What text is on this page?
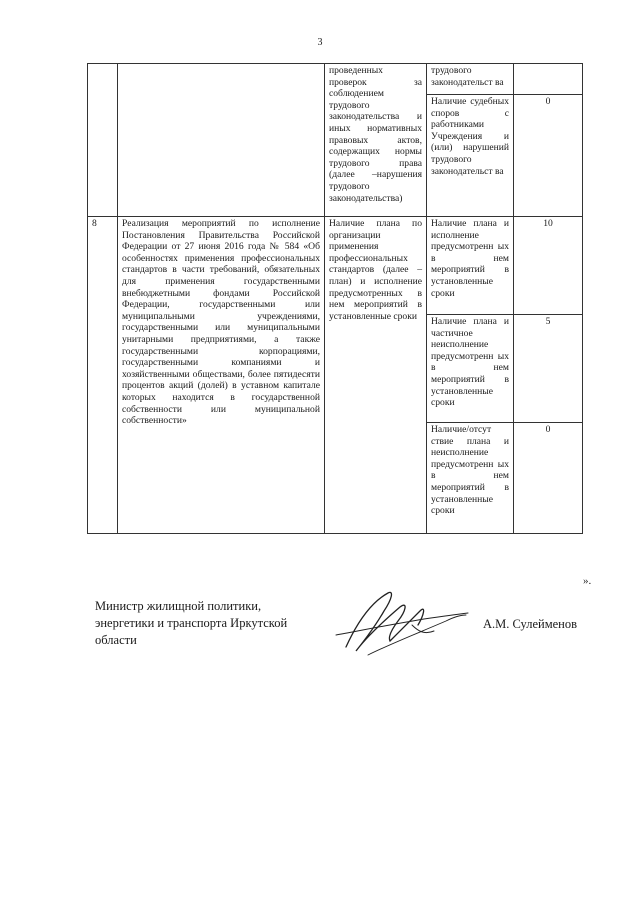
3
		проведенных проверок за соблюдением трудового законодательства и иных нормативных правовых актов, содержащих нормы трудового права (далее –нарушения трудового законодательства)	трудового законодательст ва	
			Наличие судебных споров с работниками Учреждения и (или) нарушений трудового законодательст ва	0
8	Реализация мероприятий по исполнение Постановления Правительства Российской Федерации от 27 июня 2016 года № 584 «Об особенностях применения профессиональных стандартов в части требований, обязательных для применения государственными внебюджетными фондами Российской Федерации, государственными или муниципальными учреждениями, государственными или муниципальными унитарными предприятиями, а также государственными корпорациями, государственными компаниями и хозяйственными обществами, более пятидесяти процентов акций (долей) в уставном капитале которых находится в государственной собственности или муниципальной собственности»	Наличие плана по организации применения профессиональных стандартов (далее – план) и исполнение предусмотренных в нем мероприятий в установленные сроки	Наличие плана и исполнение предусмотренн ых в нем мероприятий в установленные сроки	10
			Наличие плана и частичное неисполнение предусмотренн ых в нем мероприятий в установленные сроки	5
			Наличие/отсут ствие плана и неисполнение предусмотренн ых в нем мероприятий в установленные сроки	0
».
Министр жилищной политики,
энергетики и транспорта Иркутской
области
А.М. Сулейменов
